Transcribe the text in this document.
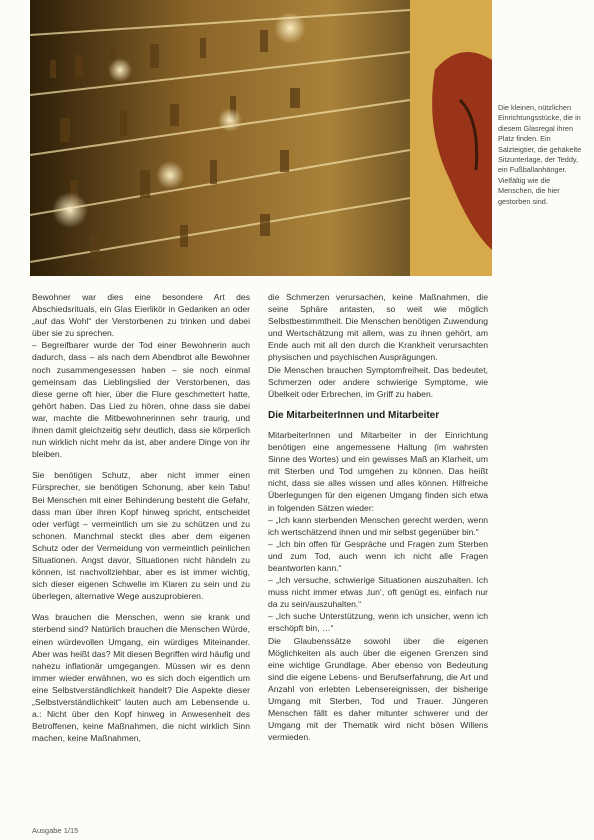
Die kleinen, nützlichen Einrichtungsstücke, die in diesem Glasregal ihren Platz finden. Ein Salzteigtier, die gehäkelte Sitzunterlage, der Teddy, ein Fußballanhänger. Vielfältig wie die Menschen, die hier gestorben sind.

Bewohner war dies eine besondere Art des Abschiedsrituals, ein Glas Eierlikör in Gedanken an oder „auf das Wohl“ der Verstorbenen zu trinken und dabei über sie zu sprechen.
– Begreifbarer wurde der Tod einer Bewohnerin auch dadurch, dass – als nach dem Abendbrot alle Bewohner noch zusammengesessen haben – sie noch einmal gemeinsam das Lieblingslied der Verstorbenen, das diese gerne oft hier, über die Flure geschmettert hatte, gehört haben. Das Lied zu hören, ohne dass sie dabei war, machte die Mitbewohnerinnen sehr traurig, und ihnen damit gleichzeitig sehr deutlich, dass sie körperlich nun wirklich nicht mehr da ist, aber andere Dinge von ihr bleiben.

Sie benötigen Schutz, aber nicht immer einen Fürsprecher, sie benötigen Schonung, aber kein Tabu! Bei Menschen mit einer Behinderung besteht die Gefahr, dass man über ihren Kopf hinweg spricht, entscheidet oder verfügt – vermeintlich um sie zu schützen und zu schonen. Manchmal steckt dies aber dem eigenen Schutz oder der Vermeidung von vermeintlich peinlichen Situationen. Angst davor, Situationen nicht händeln zu können, ist nachvollziehbar, aber es ist immer wichtig, sich dieser eigenen Schwelle im Klaren zu sein und zu überlegen, alternative Wege auszuprobieren.

Was brauchen die Menschen, wenn sie krank und sterbend sind? Natürlich brauchen die Menschen Würde, einen würdevollen Umgang, ein würdiges Miteinander. Aber was heißt das? Mit diesen Begriffen wird häufig und nahezu inflationär umgegangen. Müssen wir es denn immer wieder erwähnen, wo es sich doch eigentlich um eine Selbstverständlichkeit handelt? Die Aspekte dieser „Selbstverständlichkeit“ lauten auch am Lebensende u. a.: Nicht über den Kopf hinweg in Anwesenheit des Betroffenen, keine Maßnahmen, die nicht wirklich Sinn machen, keine Maßnahmen,

die Schmerzen verursachen, keine Maßnahmen, die seine Sphäre antasten, so weit wie möglich Selbstbestimmtheit. Die Menschen benötigen Zuwendung und Wertschätzung mit allem, was zu ihnen gehört, am Ende auch mit all den durch die Krankheit verursachten physischen und psychischen Ausprägungen.
Die Menschen brauchen Symptomfreiheit. Das bedeutet, Schmerzen oder andere schwierige Symptome, wie Übelkeit oder Erbrechen, im Griff zu haben.

Die MitarbeiterInnen und Mitarbeiter

MitarbeiterInnen und Mitarbeiter in der Einrichtung benötigen eine angemessene Haltung (im wahrsten Sinne des Wortes) und ein gewisses Maß an Klarheit, um mit Sterben und Tod umgehen zu können. Das heißt nicht, dass sie alles wissen und alles können. Hilfreiche Überlegungen für den eigenen Umgang finden sich etwa in folgenden Sätzen wieder:
– „Ich kann sterbenden Menschen gerecht werden, wenn ich wertschätzend ihnen und mir selbst gegenüber bin.“
– „Ich bin offen für Gespräche und Fragen zum Sterben und zum Tod, auch wenn ich nicht alle Fragen beantworten kann.“
– „Ich versuche, schwierige Situationen auszuhalten. Ich muss nicht immer etwas ‚tun‘, oft genügt es, einfach nur da zu sein/auszuhalten.“
– „Ich suche Unterstützung, wenn ich unsicher, wenn ich erschöpft bin, …“
Die Glaubenssätze sowohl über die eigenen Möglichkeiten als auch über die eigenen Grenzen sind eine wichtige Grundlage. Aber ebenso von Bedeutung sind die eigene Lebens- und Berufserfahrung, die Art und Anzahl von erlebten Lebensereignissen, der bisherige Umgang mit Sterben, Tod und Trauer. Jüngeren Menschen fällt es daher mitunter schwerer und der Umgang mit der Thematik wird nicht bösen Willens vermieden.

Ausgabe 1/15
